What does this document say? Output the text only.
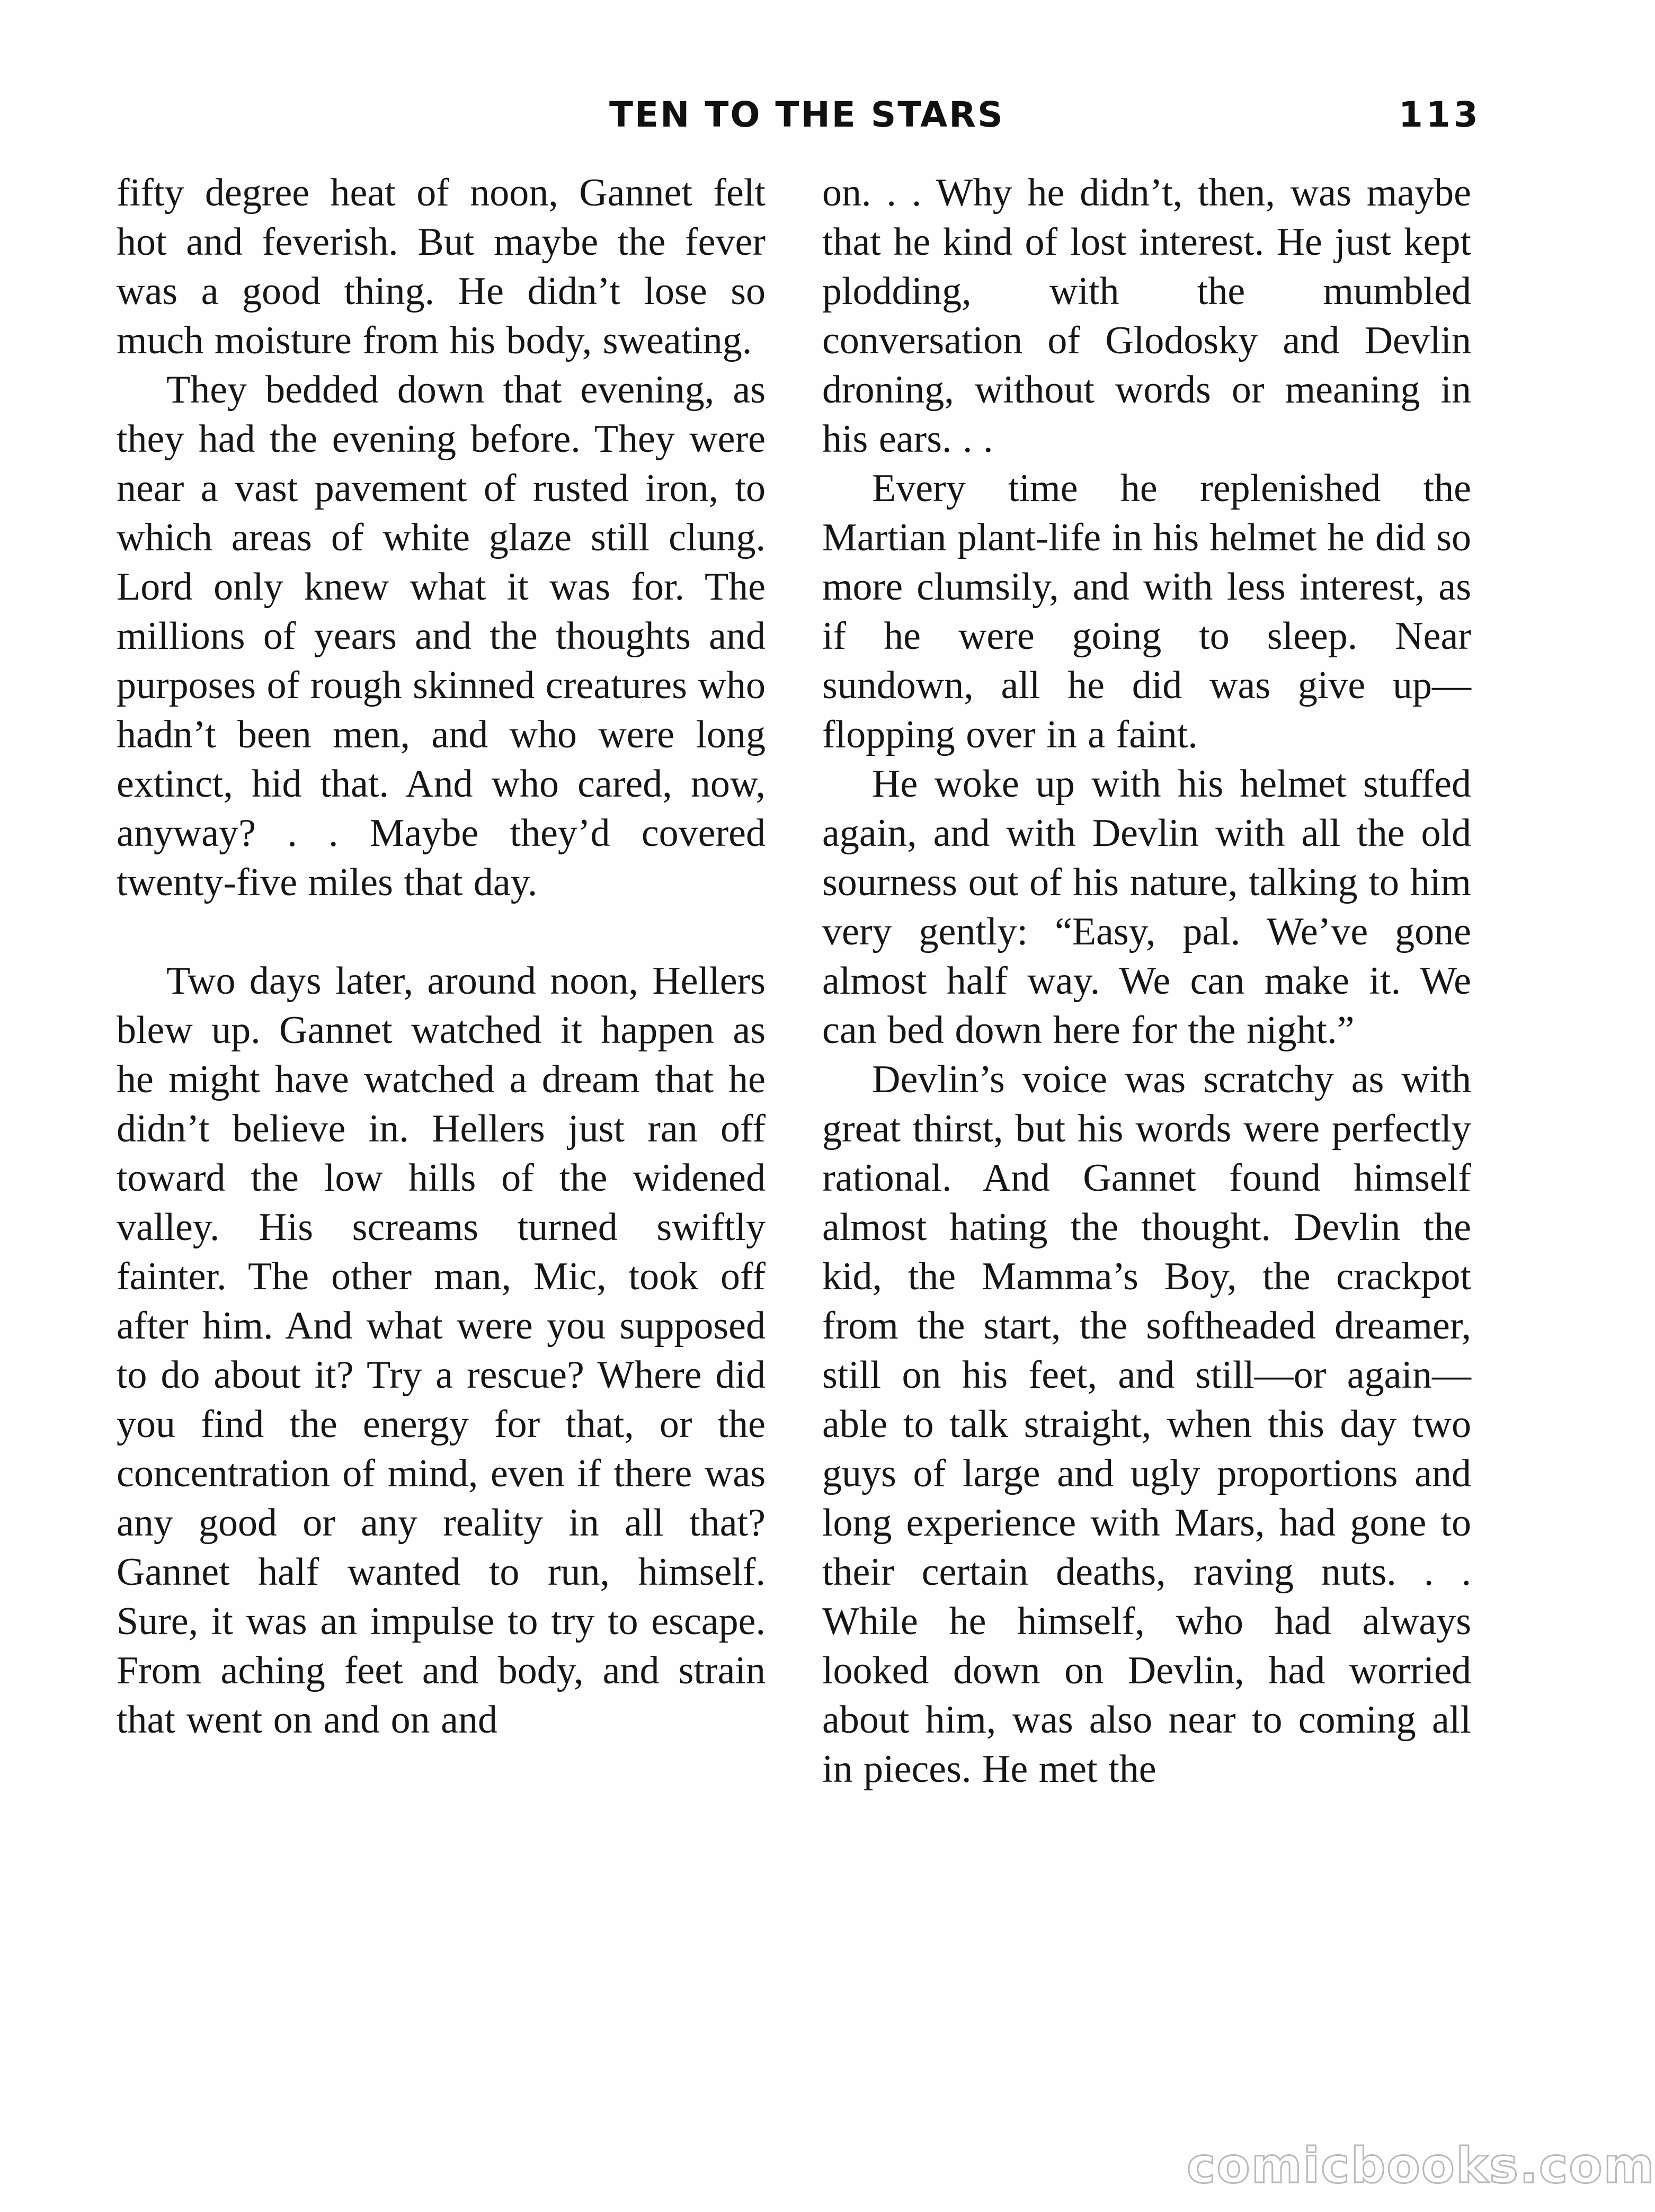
TEN TO THE STARS	113

fifty degree heat of noon, Gannet felt hot and feverish. But maybe the fever was a good thing. He didn’t lose so much moisture from his body, sweating.

They bedded down that evening, as they had the evening before. They were near a vast pavement of rusted iron, to which areas of white glaze still clung. Lord only knew what it was for. The millions of years and the thoughts and purposes of rough skinned creatures who hadn’t been men, and who were long extinct, hid that. And who cared, now, anyway? . . Maybe they’d covered twenty-five miles that day.

Two days later, around noon, Hellers blew up. Gannet watched it happen as he might have watched a dream that he didn’t believe in. Hellers just ran off toward the low hills of the widened valley. His screams turned swiftly fainter. The other man, Mic, took off after him. And what were you supposed to do about it? Try a rescue? Where did you find the energy for that, or the concentration of mind, even if there was any good or any reality in all that? Gannet half wanted to run, himself. Sure, it was an impulse to try to escape. From aching feet and body, and strain that went on and on and

on. . . Why he didn’t, then, was maybe that he kind of lost interest. He just kept plodding, with the mumbled conversation of Glodosky and Devlin droning, without words or meaning in his ears. . .

Every time he replenished the Martian plant-life in his helmet he did so more clumsily, and with less interest, as if he were going to sleep. Near sundown, all he did was give up—flopping over in a faint.

He woke up with his helmet stuffed again, and with Devlin with all the old sourness out of his nature, talking to him very gently: “Easy, pal. We’ve gone almost half way. We can make it. We can bed down here for the night.”

Devlin’s voice was scratchy as with great thirst, but his words were perfectly rational. And Gannet found himself almost hating the thought. Devlin the kid, the Mamma’s Boy, the crackpot from the start, the softheaded dreamer, still on his feet, and still—or again—able to talk straight, when this day two guys of large and ugly proportions and long experience with Mars, had gone to their certain deaths, raving nuts. . . While he himself, who had always looked down on Devlin, had worried about him, was also near to coming all in pieces. He met the

comicbooks.com
